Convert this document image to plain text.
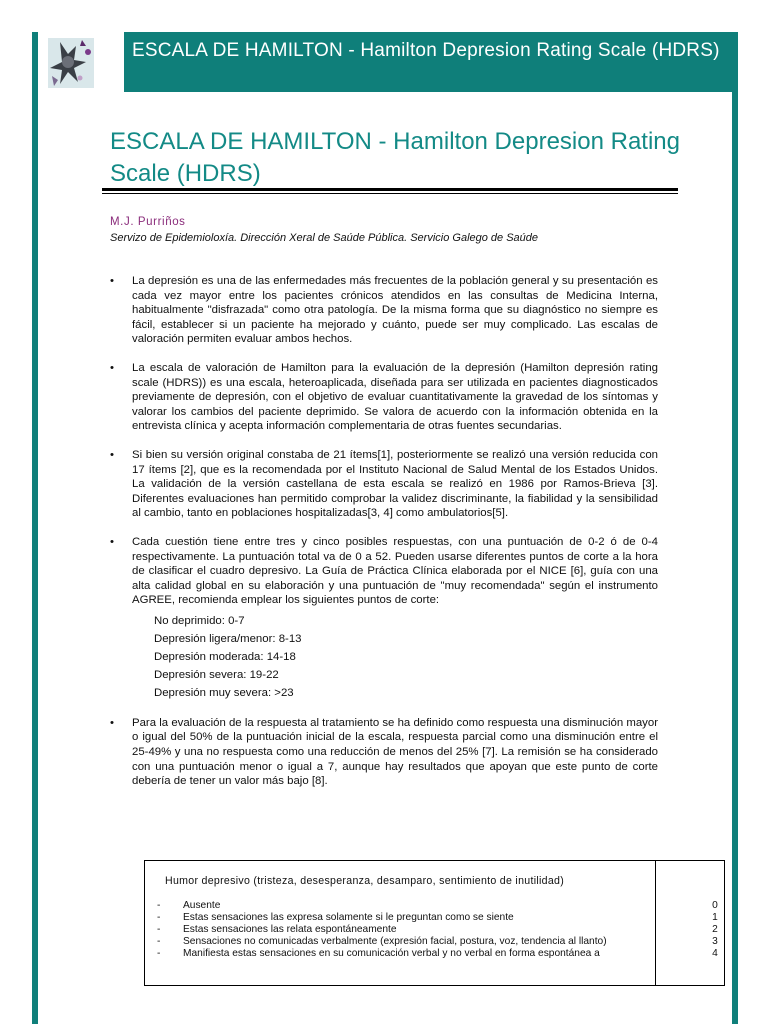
ESCALA DE HAMILTON - Hamilton Depresion Rating Scale (HDRS)
ESCALA DE HAMILTON - Hamilton Depresion Rating Scale (HDRS)
M.J. Purriños
Servizo de Epidemioloxía. Dirección Xeral de Saúde Pública. Servicio Galego de Saúde
• La depresión es una de las enfermedades más frecuentes de la población general y su presentación es cada vez mayor entre los pacientes crónicos atendidos en las consultas de Medicina Interna, habitualmente "disfrazada" como otra patología. De la misma forma que su diagnóstico no siempre es fácil, establecer si un paciente ha mejorado y cuánto, puede ser muy complicado. Las escalas de valoración permiten evaluar ambos hechos.
• La escala de valoración de Hamilton para la evaluación de la depresión (Hamilton depresión rating scale (HDRS)) es una escala, heteroaplicada, diseñada para ser utilizada en pacientes diagnosticados previamente de depresión, con el objetivo de evaluar cuantitativamente la gravedad de los síntomas y valorar los cambios del paciente deprimido. Se valora de acuerdo con la información obtenida en la entrevista clínica y acepta información complementaria de otras fuentes secundarias.
• Si bien su versión original constaba de 21 ítems[1], posteriormente se realizó una versión reducida con 17 ítems [2], que es la recomendada por el Instituto Nacional de Salud Mental de los Estados Unidos. La validación de la versión castellana de esta escala se realizó en 1986 por Ramos-Brieva [3]. Diferentes evaluaciones han permitido comprobar la validez discriminante, la fiabilidad y la sensibilidad al cambio, tanto en poblaciones hospitalizadas[3, 4] como ambulatorios[5].
• Cada cuestión tiene entre tres y cinco posibles respuestas, con una puntuación de 0-2 ó de 0-4 respectivamente. La puntuación total va de 0 a 52. Pueden usarse diferentes puntos de corte a la hora de clasificar el cuadro depresivo. La Guía de Práctica Clínica elaborada por el NICE [6], guía con una alta calidad global en su elaboración y una puntuación de "muy recomendada" según el instrumento AGREE, recomienda emplear los siguientes puntos de corte:
No deprimido: 0-7
Depresión ligera/menor: 8-13
Depresión moderada: 14-18
Depresión severa: 19-22
Depresión muy severa: >23
• Para la evaluación de la respuesta al tratamiento se ha definido como respuesta una disminución mayor o igual del 50% de la puntuación inicial de la escala, respuesta parcial como una disminución entre el 25-49% y una no respuesta como una reducción de menos del 25% [7]. La remisión se ha considerado con una puntuación menor o igual a 7, aunque hay resultados que apoyan que este punto de corte debería de tener un valor más bajo [8].
Humor depresivo (tristeza, desesperanza, desamparo, sentimiento de inutilidad)
- Ausente
- Estas sensaciones las expresa solamente si le preguntan como se siente
- Estas sensaciones las relata espontáneamente
- Sensaciones no comunicadas verbalmente (expresión facial, postura, voz, tendencia al llanto)
- Manifiesta estas sensaciones en su comunicación verbal y no verbal en forma espontánea a
0
1
2
3
4
